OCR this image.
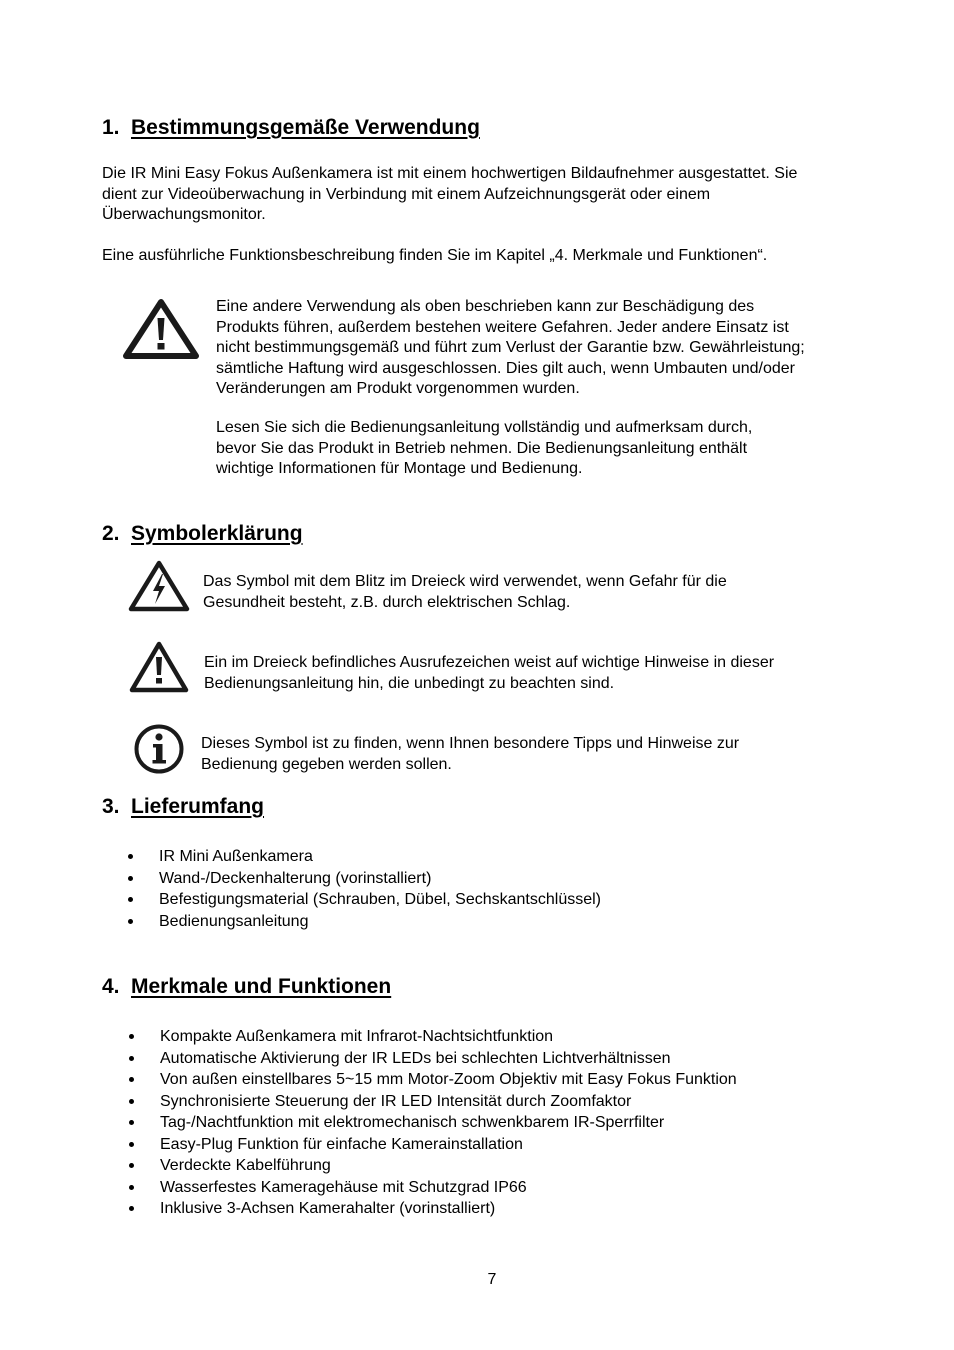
1. Bestimmungsgemäße Verwendung
Die IR Mini Easy Fokus Außenkamera ist mit einem hochwertigen Bildaufnehmer ausgestattet. Sie
dient zur Videoüberwachung in Verbindung mit einem Aufzeichnungsgerät oder einem
Überwachungsmonitor.
Eine ausführliche Funktionsbeschreibung finden Sie im Kapitel „4. Merkmale und Funktionen“.
Eine andere Verwendung als oben beschrieben kann zur Beschädigung des
Produkts führen, außerdem bestehen weitere Gefahren. Jeder andere Einsatz ist
nicht bestimmungsgemäß und führt zum Verlust der Garantie bzw. Gewährleistung;
sämtliche Haftung wird ausgeschlossen. Dies gilt auch, wenn Umbauten und/oder
Veränderungen am Produkt vorgenommen wurden.
Lesen Sie sich die Bedienungsanleitung vollständig und aufmerksam durch,
bevor Sie das Produkt in Betrieb nehmen. Die Bedienungsanleitung enthält
wichtige Informationen für Montage und Bedienung.
2. Symbolerklärung
Das Symbol mit dem Blitz im Dreieck wird verwendet, wenn Gefahr für die
Gesundheit besteht, z.B. durch elektrischen Schlag.
Ein im Dreieck befindliches Ausrufezeichen weist auf wichtige Hinweise in dieser
Bedienungsanleitung hin, die unbedingt zu beachten sind.
Dieses Symbol ist zu finden, wenn Ihnen besondere Tipps und Hinweise zur
Bedienung gegeben werden sollen.
3. Lieferumfang
IR Mini Außenkamera
Wand-/Deckenhalterung (vorinstalliert)
Befestigungsmaterial (Schrauben, Dübel, Sechskantschlüssel)
Bedienungsanleitung
4. Merkmale und Funktionen
Kompakte Außenkamera mit Infrarot-Nachtsichtfunktion
Automatische Aktivierung der IR LEDs bei schlechten Lichtverhältnissen
Von außen einstellbares 5~15 mm Motor-Zoom Objektiv mit Easy Fokus Funktion
Synchronisierte Steuerung der IR LED Intensität durch Zoomfaktor
Tag-/Nachtfunktion mit elektromechanisch schwenkbarem IR-Sperrfilter
Easy-Plug Funktion für einfache Kamerainstallation
Verdeckte Kabelführung
Wasserfestes Kameragehäuse mit Schutzgrad IP66
Inklusive 3-Achsen Kamerahalter (vorinstalliert)
7
